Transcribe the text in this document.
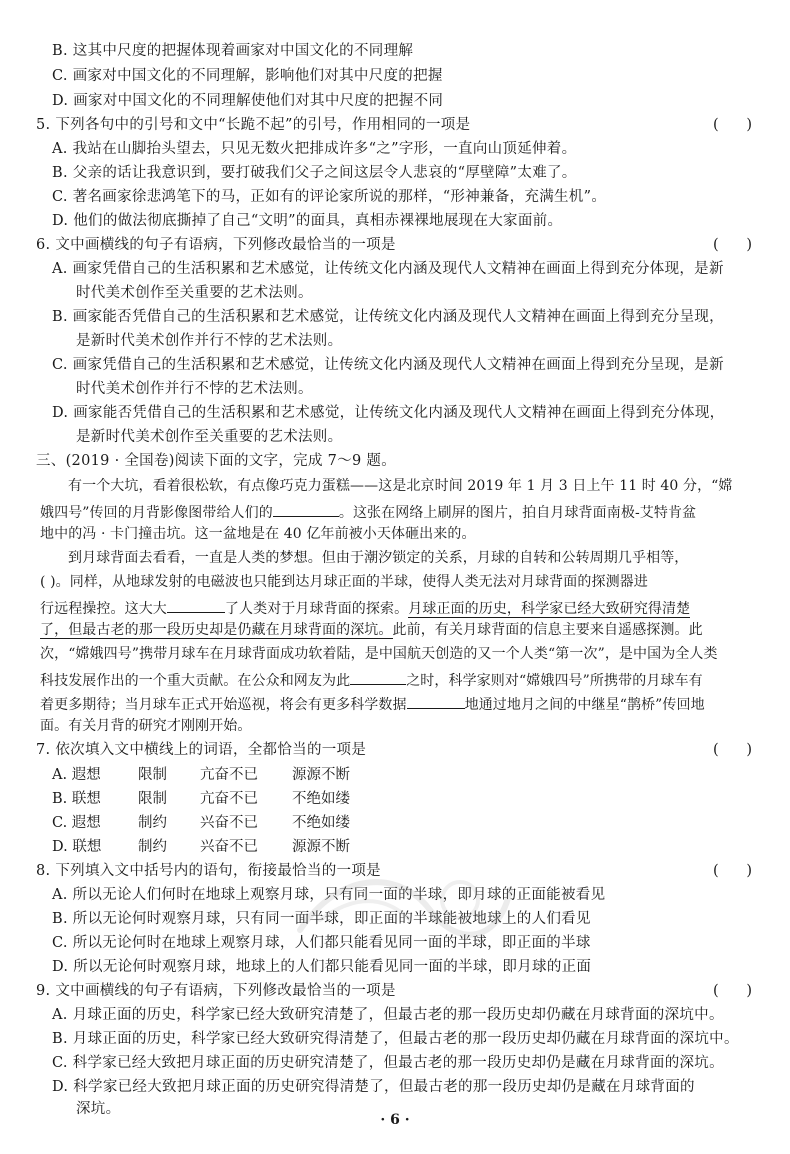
B. 这其中尺度的把握体现着画家对中国文化的不同理解
C. 画家对中国文化的不同理解，影响他们对其中尺度的把握
D. 画家对中国文化的不同理解使他们对其中尺度的把握不同
5. 下列各句中的引号和文中“长跪不起”的引号，作用相同的一项是	(      )
A. 我站在山脚抬头望去，只见无数火把排成许多“之”字形，一直向山顶延伸着。
B. 父亲的话让我意识到，要打破我们父子之间这层令人悲哀的“厚壁障”太难了。
C. 著名画家徐悲鸿笔下的马，正如有的评论家所说的那样，“形神兼备，充满生机”。
D. 他们的做法彻底撕掉了自己“文明”的面具，真相赤裸裸地展现在大家面前。
6. 文中画横线的句子有语病，下列修改最恰当的一项是	(      )
A. 画家凭借自己的生活积累和艺术感觉，让传统文化内涵及现代人文精神在画面上得到充分体现，是新
时代美术创作至关重要的艺术法则。
B. 画家能否凭借自己的生活积累和艺术感觉，让传统文化内涵及现代人文精神在画面上得到充分呈现，
是新时代美术创作并行不悖的艺术法则。
C. 画家凭借自己的生活积累和艺术感觉，让传统文化内涵及现代人文精神在画面上得到充分呈现，是新
时代美术创作并行不悖的艺术法则。
D. 画家能否凭借自己的生活积累和艺术感觉，让传统文化内涵及现代人文精神在画面上得到充分体现，
是新时代美术创作至关重要的艺术法则。
三、(2019 · 全国卷)阅读下面的文字，完成 7～9 题。
有一个大坑，看着很松软，有点像巧克力蛋糕——这是北京时间 2019 年 1 月 3 日上午 11 时 40 分，“嫦
娥四号”传回的月背影像图带给人们的	。这张在网络上刷屏的图片，拍自月球背面南极-艾特肯盆
地中的冯 · 卡门撞击坑。这一盆地是在 40 亿年前被小天体砸出来的。
到月球背面去看看，一直是人类的梦想。但由于潮汐锁定的关系，月球的自转和公转周期几乎相等，
( )。同样，从地球发射的电磁波也只能到达月球正面的半球，使得人类无法对月球背面的探测器进
行远程操控。这大大	了人类对于月球背面的探索。月球正面的历史，科学家已经大致研究得清楚
了，但最古老的那一段历史却是仍藏在月球背面的深坑。此前，有关月球背面的信息主要来自遥感探测。此
次，“嫦娥四号”携带月球车在月球背面成功软着陆，是中国航天创造的又一个人类“第一次”，是中国为全人类
科技发展作出的一个重大贡献。在公众和网友为此	之时，科学家则对“嫦娥四号”所携带的月球车有
着更多期待；当月球车正式开始巡视，将会有更多科学数据	地通过地月之间的中继星“鹊桥”传回地
面。有关月背的研究才刚刚开始。
7. 依次填入文中横线上的词语，全都恰当的一项是	(      )
A. 遐想	限制 亢奋不已 源源不断
B. 联想	限制 亢奋不已 不绝如缕
C. 遐想	制约 兴奋不已 不绝如缕
D. 联想	制约 兴奋不已 源源不断
8. 下列填入文中括号内的语句，衔接最恰当的一项是	(      )
A. 所以无论人们何时在地球上观察月球，只有同一面的半球，即月球的正面能被看见
B. 所以无论何时观察月球，只有同一面半球，即正面的半球能被地球上的人们看见
C. 所以无论何时在地球上观察月球，人们都只能看见同一面的半球，即正面的半球
D. 所以无论何时观察月球，地球上的人们都只能看见同一面的半球，即月球的正面
9. 文中画横线的句子有语病，下列修改最恰当的一项是	(      )
A. 月球正面的历史，科学家已经大致研究清楚了，但最古老的那一段历史却仍藏在月球背面的深坑中。
B. 月球正面的历史，科学家已经大致研究得清楚了，但最古老的那一段历史却仍藏在月球背面的深坑中。
C. 科学家已经大致把月球正面的历史研究清楚了，但最古老的那一段历史却仍是藏在月球背面的深坑。
D. 科学家已经大致把月球正面的历史研究得清楚了，但最古老的那一段历史却仍是藏在月球背面的
深坑。
· 6 ·
